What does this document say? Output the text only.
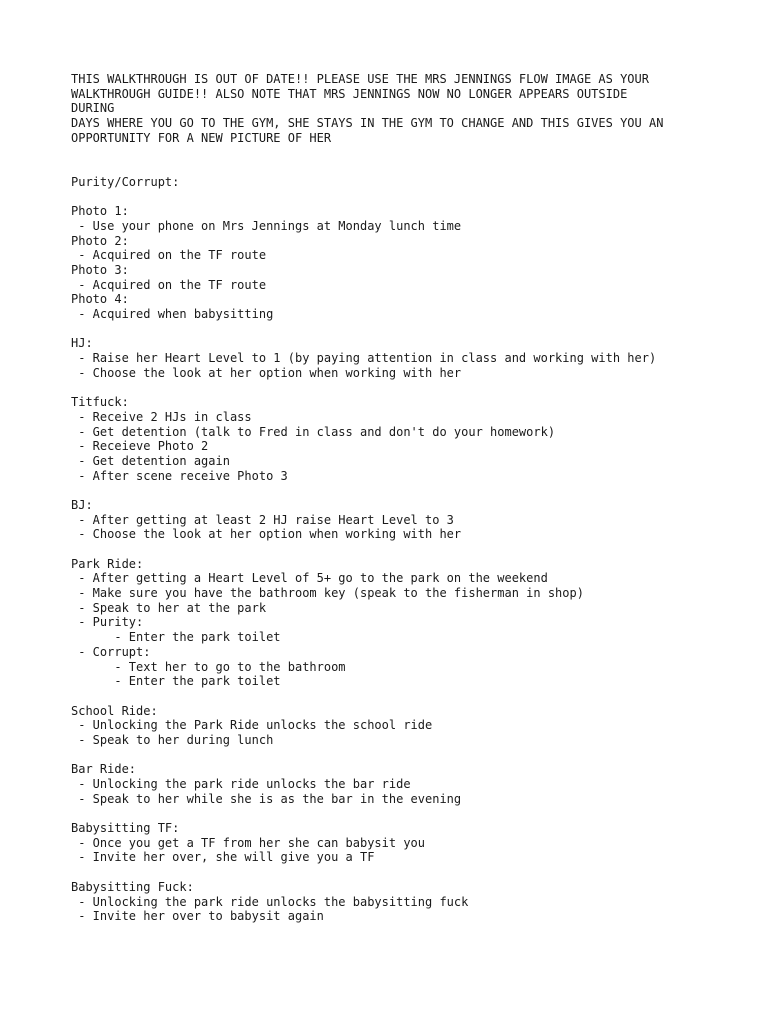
THIS WALKTHROUGH IS OUT OF DATE!! PLEASE USE THE MRS JENNINGS FLOW IMAGE AS YOUR
WALKTHROUGH GUIDE!! ALSO NOTE THAT MRS JENNINGS NOW NO LONGER APPEARS OUTSIDE
DURING
DAYS WHERE YOU GO TO THE GYM, SHE STAYS IN THE GYM TO CHANGE AND THIS GIVES YOU AN
OPPORTUNITY FOR A NEW PICTURE OF HER
Purity/Corrupt:
Photo 1:
- Use your phone on Mrs Jennings at Monday lunch time
Photo 2:
- Acquired on the TF route
Photo 3:
- Acquired on the TF route
Photo 4:
- Acquired when babysitting
HJ:
- Raise her Heart Level to 1 (by paying attention in class and working with her)
- Choose the look at her option when working with her
Titfuck:
- Receive 2 HJs in class
- Get detention (talk to Fred in class and don't do your homework)
- Receieve Photo 2
- Get detention again
- After scene receive Photo 3
BJ:
- After getting at least 2 HJ raise Heart Level to 3
- Choose the look at her option when working with her
Park Ride:
- After getting a Heart Level of 5+ go to the park on the weekend
- Make sure you have the bathroom key (speak to the fisherman in shop)
- Speak to her at the park
- Purity:
- Enter the park toilet
- Corrupt:
- Text her to go to the bathroom
- Enter the park toilet
School Ride:
- Unlocking the Park Ride unlocks the school ride
- Speak to her during lunch
Bar Ride:
- Unlocking the park ride unlocks the bar ride
- Speak to her while she is as the bar in the evening
Babysitting TF:
- Once you get a TF from her she can babysit you
- Invite her over, she will give you a TF
Babysitting Fuck:
- Unlocking the park ride unlocks the babysitting fuck
- Invite her over to babysit again
